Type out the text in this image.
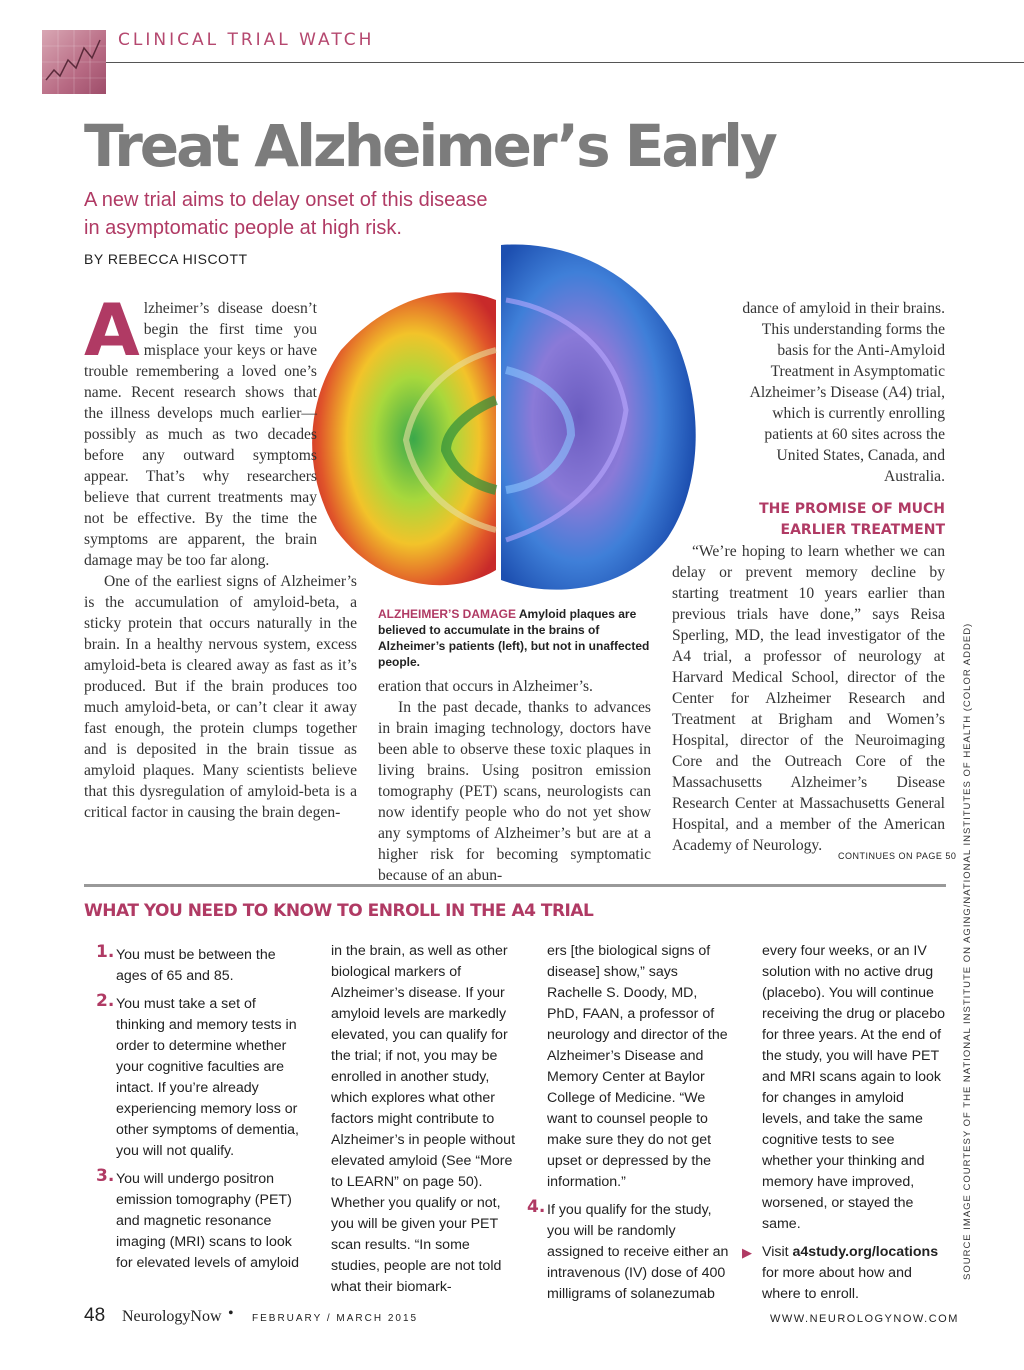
CLINICAL TRIAL WATCH
Treat Alzheimer’s Early
A new trial aims to delay onset of this disease in asymptomatic people at high risk.
BY REBECCA HISCOTT
A lzheimer’s disease doesn’t begin the first time you misplace your keys or have trouble remembering a loved one’s name. Recent research shows that the illness develops much earlier—possibly as much as two decades before any outward symptoms appear. That’s why researchers believe that current treatments may not be effective. By the time the symptoms are apparent, the brain damage may be too far along.

One of the earliest signs of Alzheimer’s is the accumulation of amyloid-beta, a sticky protein that occurs naturally in the brain. In a healthy nervous system, excess amyloid-beta is cleared away as fast as it’s produced. But if the brain produces too much amyloid-beta, or can’t clear it away fast enough, the protein clumps together and is deposited in the brain tissue as amyloid plaques. Many scientists believe that this dysregulation of amyloid-beta is a critical factor in causing the brain degen-

ALZHEIMER’S DAMAGE Amyloid plaques are believed to accumulate in the brains of Alzheimer’s patients (left), but not in unaffected people.

eration that occurs in Alzheimer’s.

In the past decade, thanks to advances in brain imaging technology, doctors have been able to observe these toxic plaques in living brains. Using positron emission tomography (PET) scans, neurologists can now identify people who do not yet show any symptoms of Alzheimer’s but are at a higher risk for becoming symptomatic because of an abun-

dance of amyloid in their brains.

This understanding forms the basis for the Anti-Amyloid Treatment in Asymptomatic Alzheimer’s Disease (A4) trial, which is currently enrolling patients at 60 sites across the United States, Canada, and Australia.

THE PROMISE OF MUCH EARLIER TREATMENT

“We’re hoping to learn whether we can delay or prevent memory decline by starting treatment 10 years earlier than previous trials have done,” says Reisa Sperling, MD, the lead investigator of the A4 trial, a professor of neurology at Harvard Medical School, director of the Center for Alzheimer Research and Treatment at Brigham and Women’s Hospital, director of the Neuroimaging Core and the Outreach Core of the Massachusetts Alzheimer’s Disease Research Center at Massachusetts General Hospital, and a member of the American Academy of Neurology.

CONTINUES ON PAGE 50 SOURCE IMAGE COURTESY OF THE NATIONAL INSTITUTE ON AGING/NATIONAL INSTITUTES OF HEALTH (COLOR ADDED)
WHAT YOU NEED TO KNOW TO ENROLL IN THE A4 TRIAL
1. You must be between the ages of 65 and 85.

2. You must take a set of thinking and memory tests in order to determine whether your cognitive faculties are intact. If you’re already experiencing memory loss or other symptoms of dementia, you will not qualify.

3. You will undergo positron emission tomography (PET) and magnetic resonance imaging (MRI) scans to look for elevated levels of amyloid

in the brain, as well as other biological markers of Alzheimer’s disease. If your amyloid levels are markedly elevated, you can qualify for the trial; if not, you may be enrolled in another study, which explores what other factors might contribute to Alzheimer’s in people without elevated amyloid (See “More to LEARN” on page 50). Whether you qualify or not, you will be given your PET scan results. “In some studies, people are not told what their biomark-

ers [the biological signs of disease] show,” says Rachelle S. Doody, MD, PhD, FAAN, a professor of neurology and director of the Alzheimer’s Disease and Memory Center at Baylor College of Medicine. “We want to counsel people to make sure they do not get upset or depressed by the information.”

4. If you qualify for the study, you will be randomly assigned to receive either an intravenous (IV) dose of 400 milligrams of solanezumab

every four weeks, or an IV solution with no active drug (placebo). You will continue receiving the drug or placebo for three years. At the end of the study, you will have PET and MRI scans again to look for changes in amyloid levels, and take the same cognitive tests to see whether your thinking and memory have improved, worsened, or stayed the same.

▶ Visit a4study.org/locations for more about how and where to enroll.

48 NeurologyNow • FEBRUARY / MARCH 2015	WWW.NEUROLOGYNOW.COM
